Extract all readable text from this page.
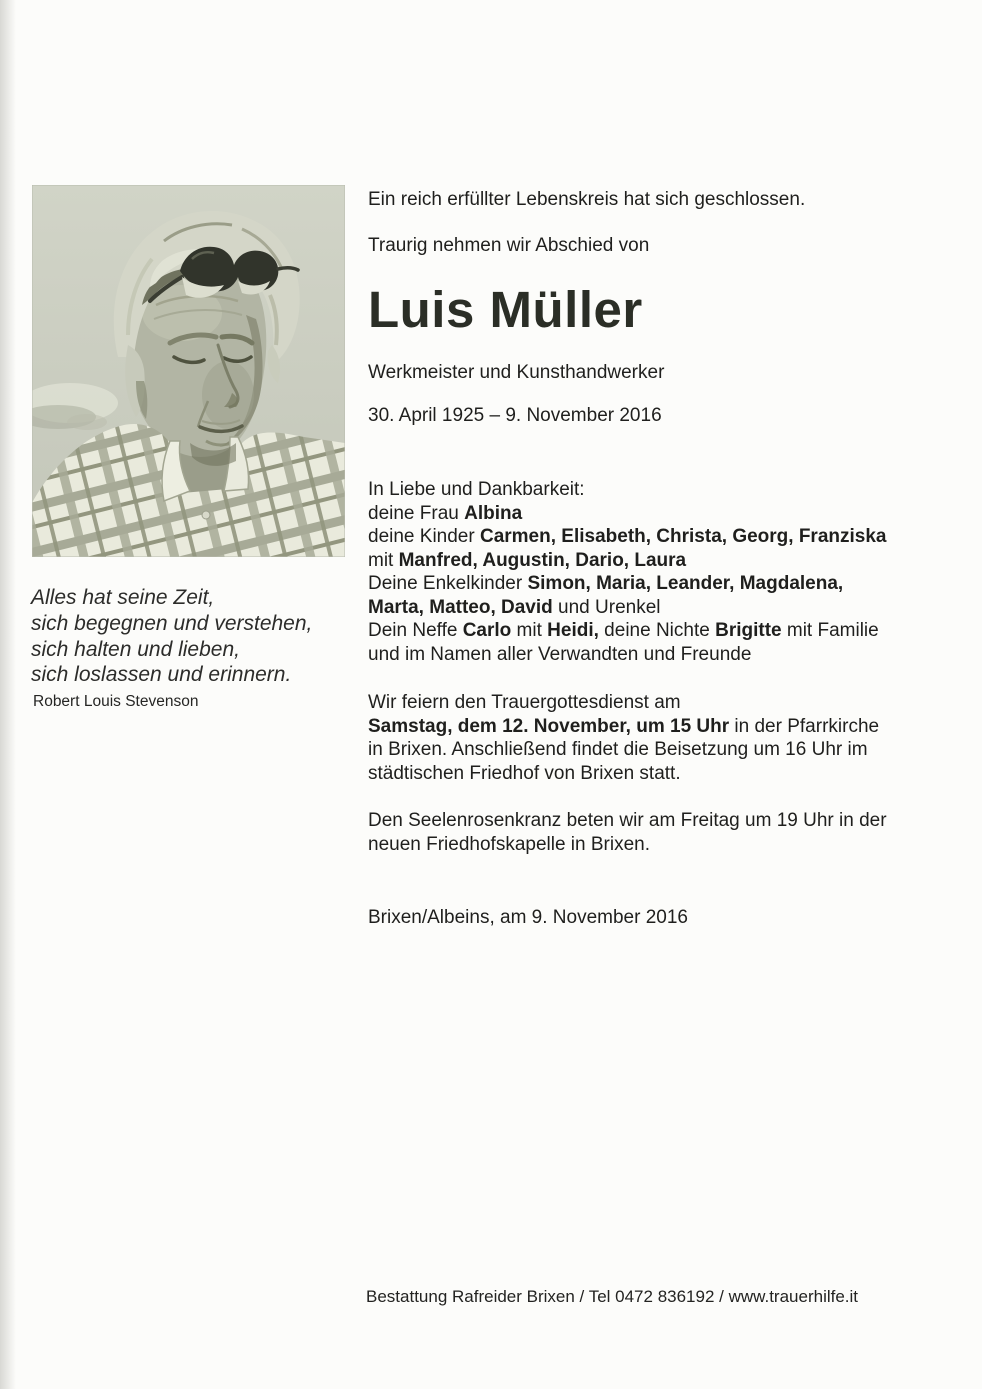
Alles hat seine Zeit,
sich begegnen und verstehen,
sich halten und lieben,
sich loslassen und erinnern.

Robert Louis Stevenson

Ein reich erfüllter Lebenskreis hat sich geschlossen.

Traurig nehmen wir Abschied von

Luis Müller

Werkmeister und Kunsthandwerker

30. April 1925 – 9. November 2016

In Liebe und Dankbarkeit:
deine Frau Albina
deine Kinder Carmen, Elisabeth, Christa, Georg, Franziska
mit Manfred, Augustin, Dario, Laura
Deine Enkelkinder Simon, Maria, Leander, Magdalena,
Marta, Matteo, David und Urenkel
Dein Neffe Carlo mit Heidi, deine Nichte Brigitte mit Familie
und im Namen aller Verwandten und Freunde
Wir feiern den Trauergottesdienst am
Samstag, dem 12. November, um 15 Uhr in der Pfarrkirche
in Brixen. Anschließend findet die Beisetzung um 16 Uhr im
städtischen Friedhof von Brixen statt.
Den Seelenrosenkranz beten wir am Freitag um 19 Uhr in der
neuen Friedhofskapelle in Brixen.

Brixen/Albeins, am 9. November 2016

Bestattung Rafreider Brixen / Tel 0472 836192 / www.trauerhilfe.it
